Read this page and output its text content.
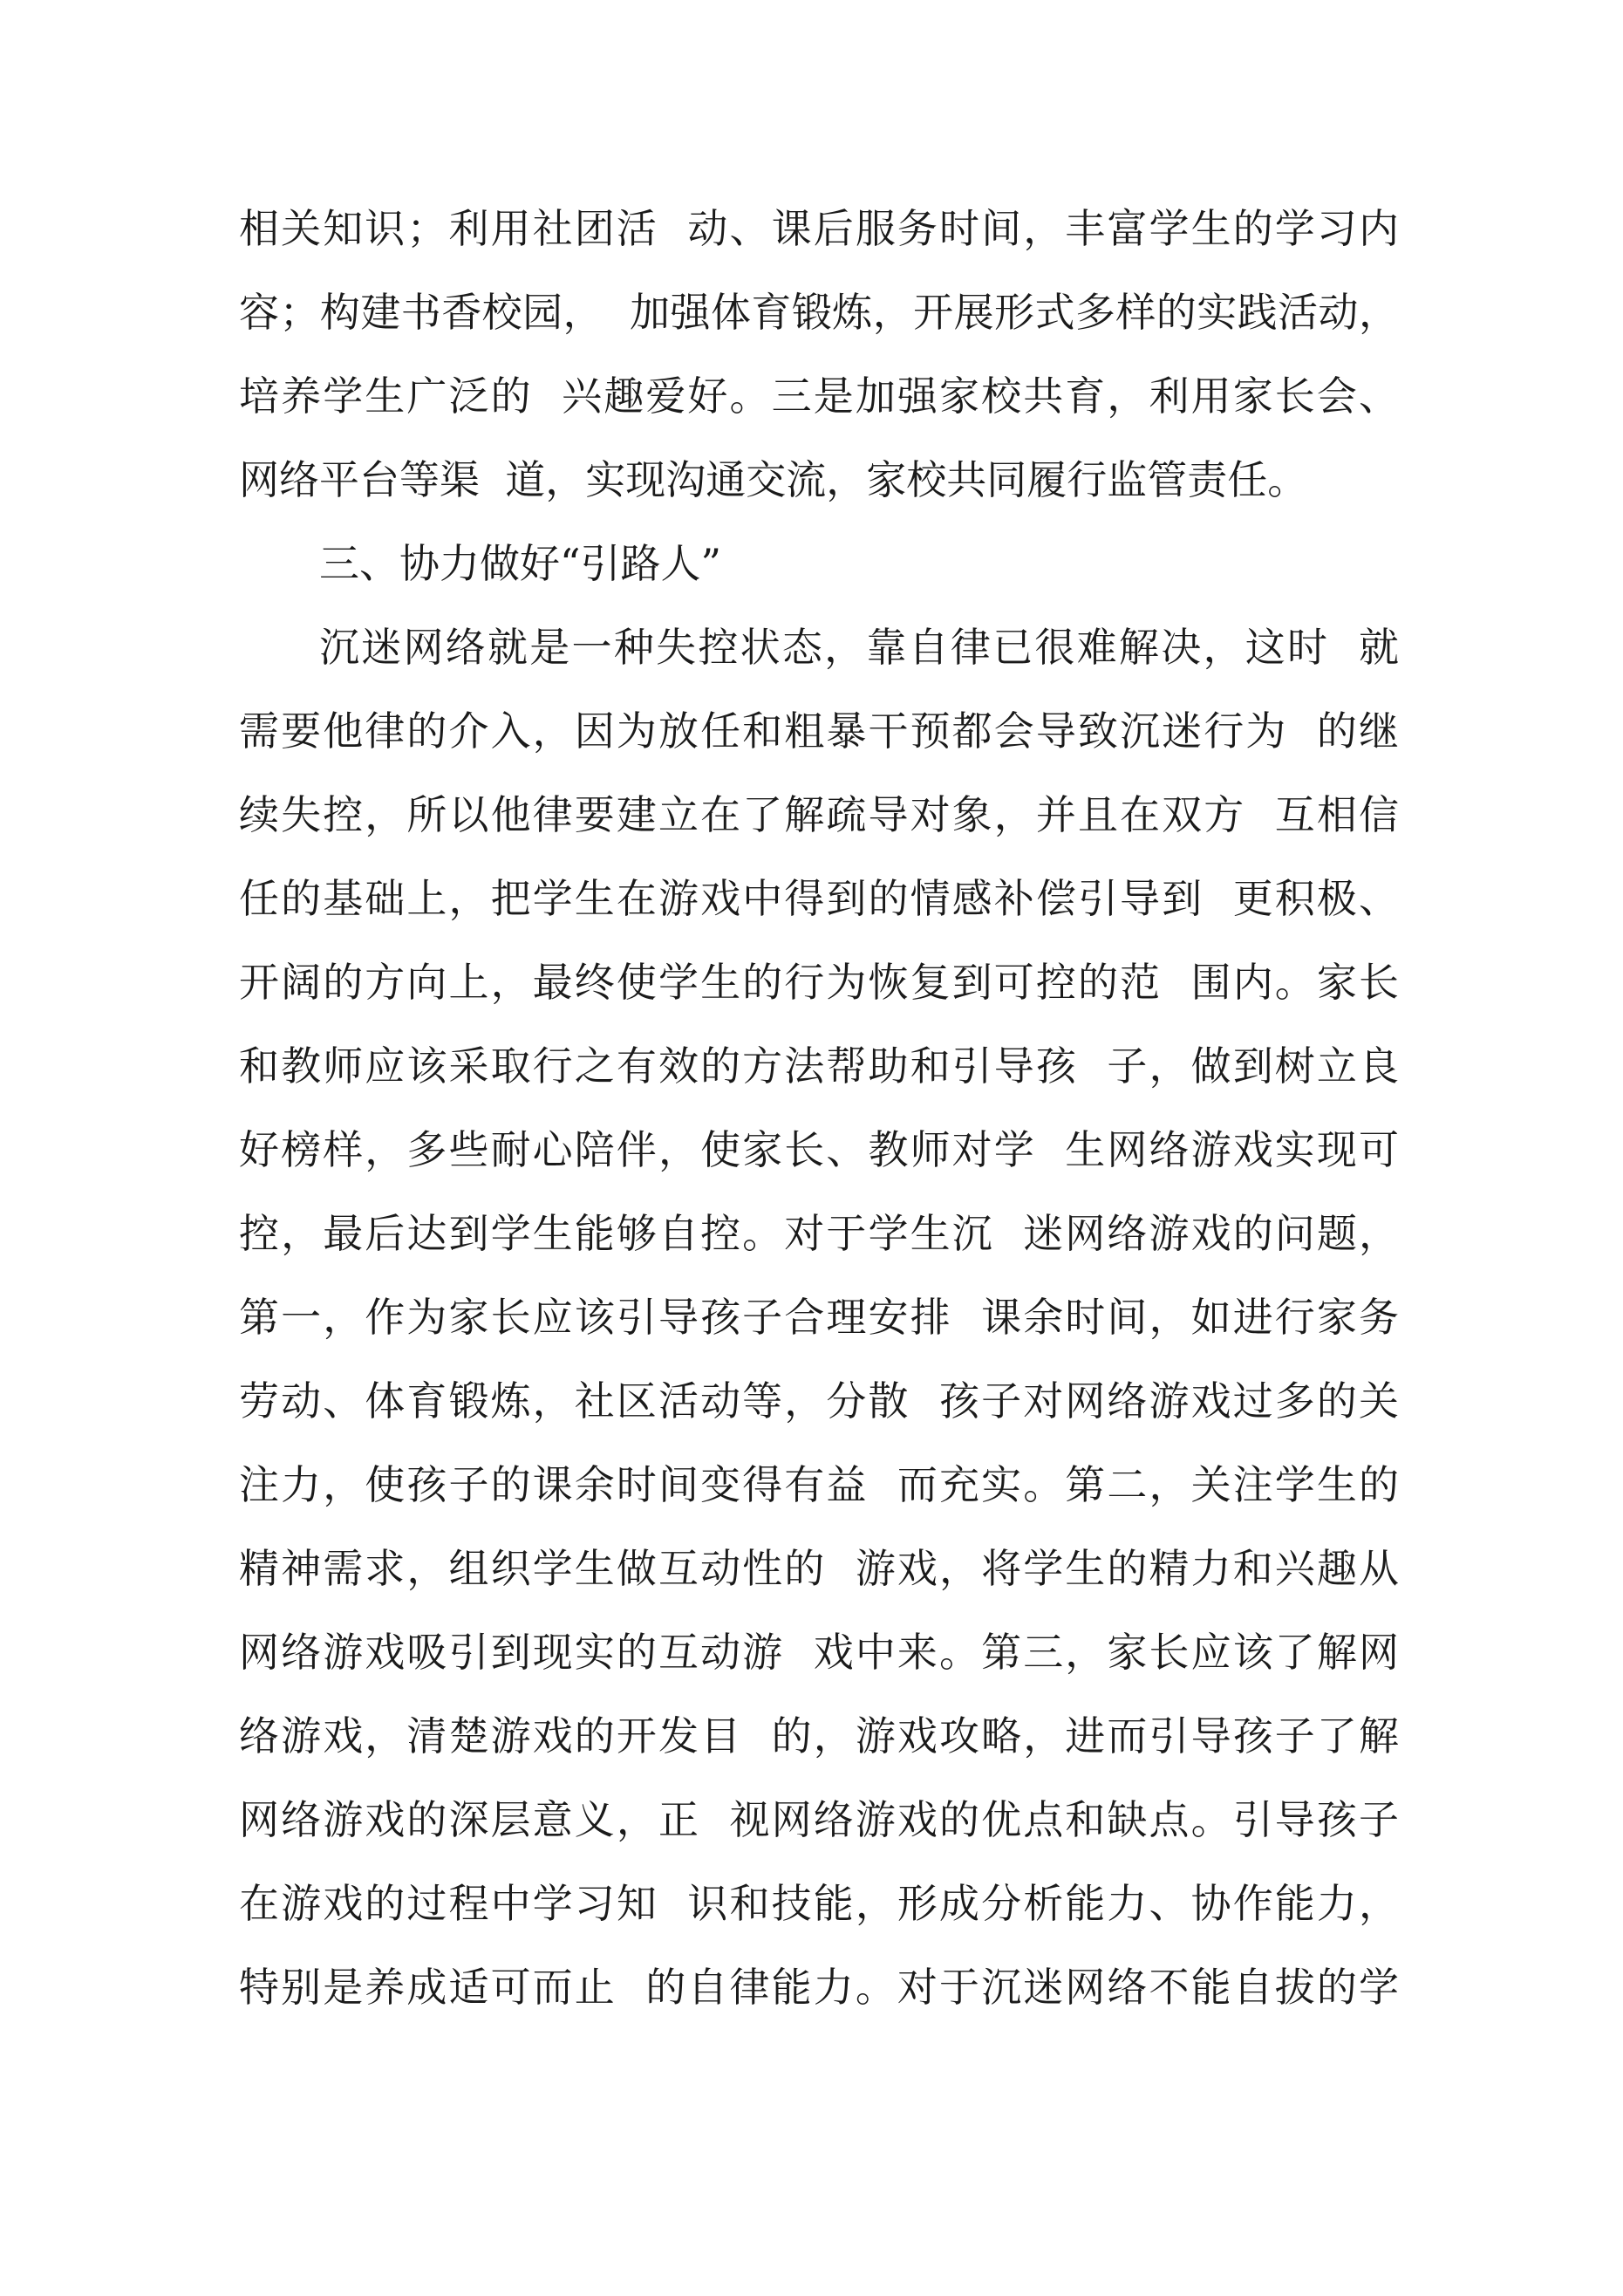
相关知识；利用社团活  动、课后服务时间，丰富学生的学习内
容；构建书香校园，  加强体育锻炼，开展形式多样的实践活动，
培养学生广泛的  兴趣爱好。三是加强家校共育，利用家长会、
网络平台等渠  道，实现沟通交流，家校共同履行监管责任。
三、协力做好“引路人”
沉迷网络就是一种失控状态，靠自律已很难解决，这时  就
需要他律的介入，因为放任和粗暴干预都会导致沉迷行为  的继
续失控，所以他律要建立在了解疏导对象，并且在双方  互相信
任的基础上，把学生在游戏中得到的情感补偿引导到  更积极、
开阔的方向上，最终使学生的行为恢复到可控的范  围内。家长
和教师应该采取行之有效的方法帮助和引导孩  子，做到树立良
好榜样，多些耐心陪伴，使家长、教师对学  生网络游戏实现可
控，最后达到学生能够自控。对于学生沉  迷网络游戏的问题，
第一，作为家长应该引导孩子合理安排  课余时间，如进行家务
劳动、体育锻炼，社区活动等，分散  孩子对网络游戏过多的关
注力，使孩子的课余时间变得有益  而充实。第二，关注学生的
精神需求，组织学生做互动性的  游戏，将学生的精力和兴趣从
网络游戏吸引到现实的互动游  戏中来。第三，家长应该了解网
络游戏，清楚游戏的开发目  的，游戏攻略，进而引导孩子了解
网络游戏的深层意义，正  视网络游戏的优点和缺点。引导孩子
在游戏的过程中学习知  识和技能，形成分析能力、协作能力，
特别是养成适可而止  的自律能力。对于沉迷网络不能自拔的学
